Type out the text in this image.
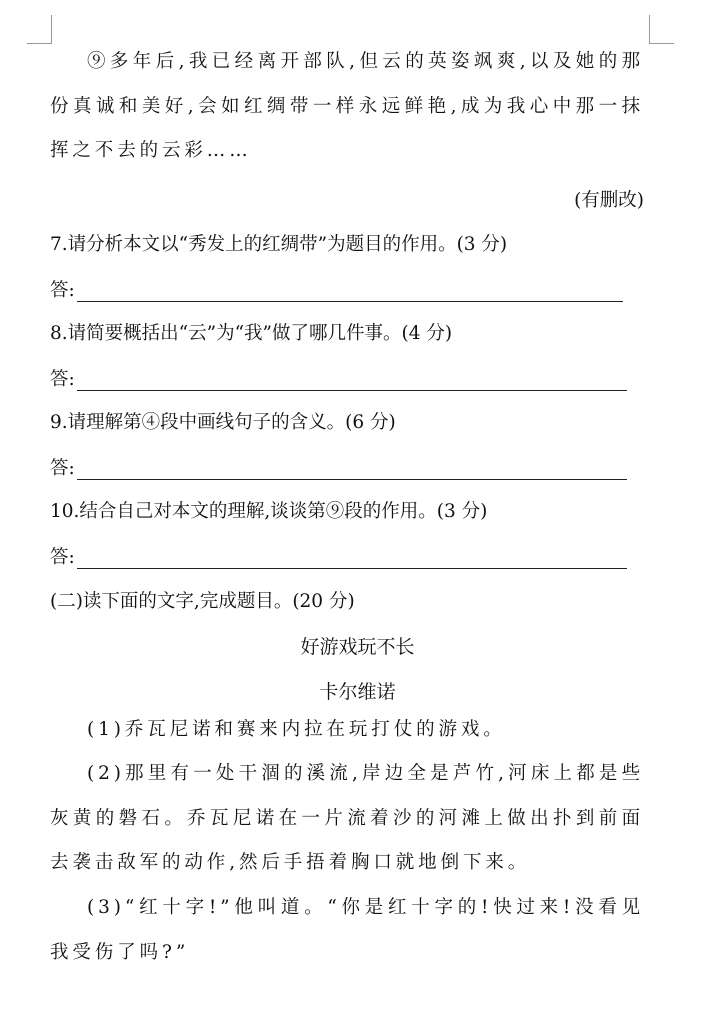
⑨多年后,我已经离开部队,但云的英姿飒爽,以及她的那份真诚和美好,会如红绸带一样永远鲜艳,成为我心中那一抹挥之不去的云彩……

(有删改)
7.请分析本文以“秀发上的红绸带”为题目的作用。(3 分)
答:
8.请简要概括出“云”为“我”做了哪几件事。(4 分)
答:
9.请理解第④段中画线句子的含义。(6 分)
答:
10.结合自己对本文的理解,谈谈第⑨段的作用。(3 分)
答:
(二)读下面的文字,完成题目。(20 分)
好游戏玩不长
卡尔维诺

(1)乔瓦尼诺和赛来内拉在玩打仗的游戏。

(2)那里有一处干涸的溪流,岸边全是芦竹,河床上都是些灰黄的磐石。乔瓦尼诺在一片流着沙的河滩上做出扑到前面去袭击敌军的动作,然后手捂着胸口就地倒下来。

(3)“红十字!”他叫道。“你是红十字的!快过来!没看见我受伤了吗?”
